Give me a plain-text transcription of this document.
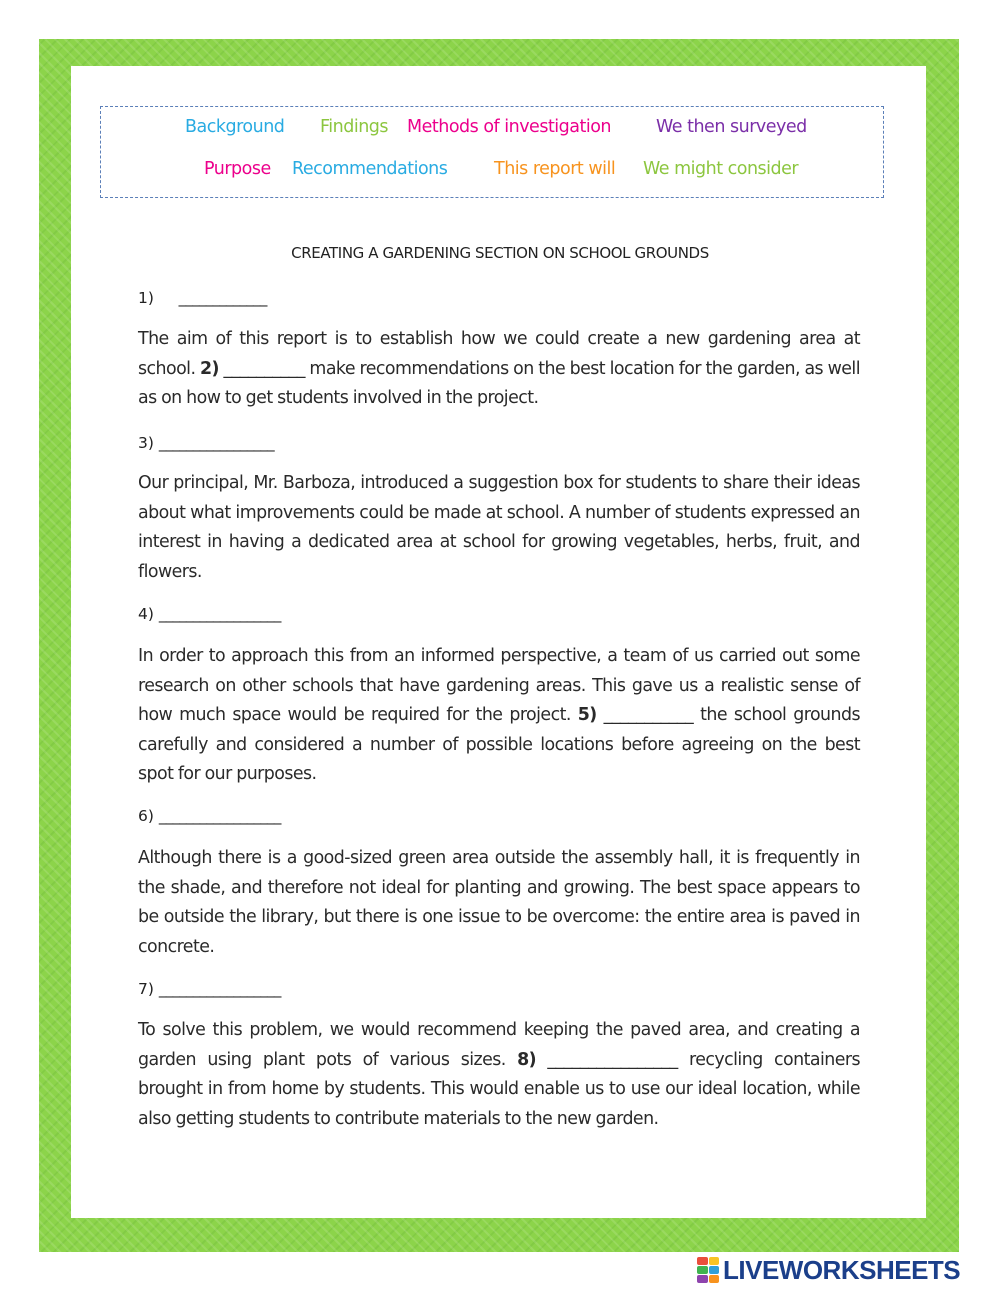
Background Findings Methods of investigation	We then surveyed
Purpose Recommendations	This report will We might consider
CREATING A GARDENING SECTION ON SCHOOL GROUNDS
1) _____________
The aim of this report is to establish how we could create a new gardening area at school. 2) __________ make recommendations on the best location for the garden, as well as on how to get students involved in the project.
3) _________________
Our principal, Mr. Barboza, introduced a suggestion box for students to share their ideas about what improvements could be made at school. A number of students expressed an interest in having a dedicated area at school for growing vegetables, herbs, fruit, and flowers.
4) __________________
In order to approach this from an informed perspective, a team of us carried out some research on other schools that have gardening areas. This gave us a realistic sense of how much space would be required for the project. 5) ___________ the school grounds carefully and considered a number of possible locations before agreeing on the best spot for our purposes.
6) __________________
Although there is a good-sized green area outside the assembly hall, it is frequently in the shade, and therefore not ideal for planting and growing. The best space appears to be outside the library, but there is one issue to be overcome: the entire area is paved in concrete.
7) __________________
To solve this problem, we would recommend keeping the paved area, and creating a garden using plant pots of various sizes. 8) ________________ recycling containers brought in from home by students. This would enable us to use our ideal location, while also getting students to contribute materials to the new garden.
LIVEWORKSHEETS
